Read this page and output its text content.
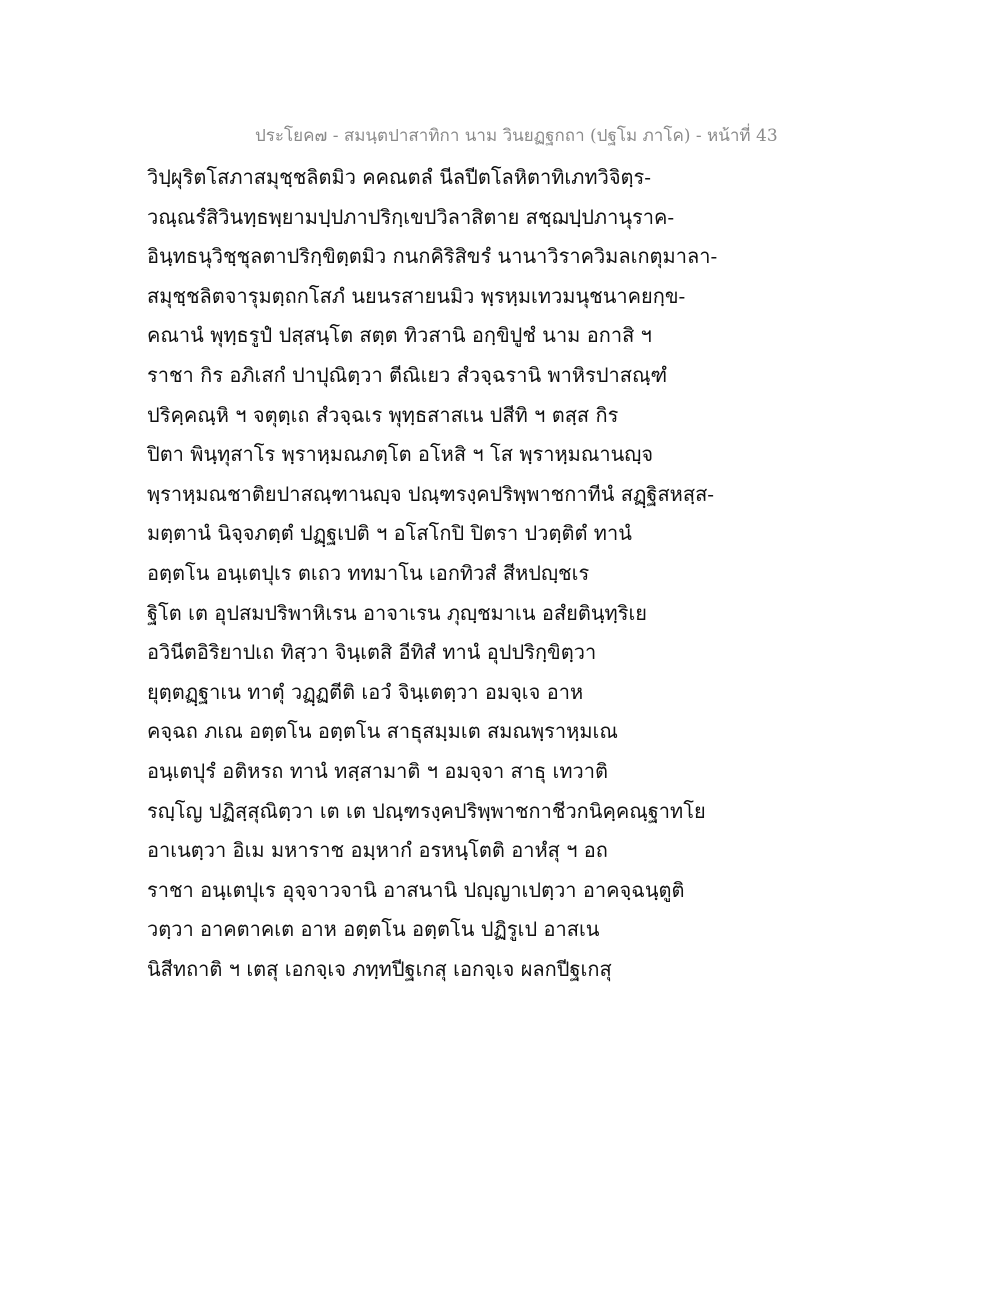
ประโยค๗ - สมนฺตปาสาทิกา นาม วินยฏฐกถา (ปฐโม ภาโค) - หน้าที่ 43
วิปฺผุริตโสภาสมุชฺชลิตมิว คคณตลํ นีลปีตโลหิตาทิเภทวิจิตฺร-
วณฺณรํสิวินทฺธพฺยามปฺปภาปริกฺเขปวิลาสิตาย สชฺฌปฺปภานุราค-
อินฺทธนุวิชฺชุลตาปริกฺขิตฺตมิว กนกคิริสิขรํ นานาวิราควิมลเกตุมาลา-
สมุชฺชลิตจารุมตฺถกโสภํ นยนรสายนมิว พฺรหฺมเทวมนุชนาคยกฺข-
คณานํ พุทฺธรูปํ ปสฺสนฺโต สตฺต ทิวสานิ อกฺขิปูชํ นาม อกาสิ ฯ
ราชา กิร อภิเสกํ ปาปุณิตฺวา ตีณิเยว สํวจฺฉรานิ พาหิรปาสณฺฑํ
ปริคฺคณฺหิ ฯ จตุตฺเถ สํวจฺฉเร พุทฺธสาสเน ปสีทิ ฯ ตสฺส กิร
ปิตา พินฺทุสาโร พฺราหฺมณภตฺโต อโหสิ ฯ โส พฺราหฺมณานญฺจ
พฺราหฺมณชาติยปาสณฺฑานญฺจ ปณฺฑรงฺคปริพฺพาชกาทีนํ สฏฺฐิสหสฺส-
มตฺตานํ นิจฺจภตฺตํ ปฏฺฐเปติ ฯ อโสโกปิ ปิตรา ปวตฺติตํ ทานํ
อตฺตโน อนฺเตปุเร ตเถว ททมาโน เอกทิวสํ สีหปญฺชเร
ฐิโต เต อุปสมปริพาหิเรน อาจาเรน ภุญฺชมาเน อสํยตินฺทฺริเย
อวินีตอิริยาปเถ ทิสฺวา จินฺเตสิ อีทิสํ ทานํ อุปปริกฺขิตฺวา
ยุตฺตฏฺฐาเน ทาตุํ วฏฺฏตีติ เอวํ จินฺเตตฺวา อมจฺเจ อาห
คจฺฉถ ภเณ อตฺตโน อตฺตโน สาธุสมฺมเต สมณพฺราหฺมเณ
อนฺเตปุรํ อติหรถ ทานํ ทสฺสามาติ ฯ อมจฺจา สาธุ เทวาติ
รญฺโญ ปฏิสฺสุณิตฺวา เต เต ปณฺฑรงฺคปริพฺพาชกาชีวกนิคฺคณฺฐาทโย
อาเนตฺวา อิเม มหาราช อมฺหากํ อรหนฺโตติ อาหํสุ ฯ อถ
ราชา อนฺเตปุเร อุจฺจาวจานิ อาสนานิ ปญฺญาเปตฺวา อาคจฺฉนฺตูติ
วตฺวา อาคตาคเต อาห อตฺตโน อตฺตโน ปฏิรูเป อาสเน
นิสีทถาติ ฯ เตสุ เอกจฺเจ ภทฺทปีฐเกสุ เอกจฺเจ ผลกปีฐเกสุ
